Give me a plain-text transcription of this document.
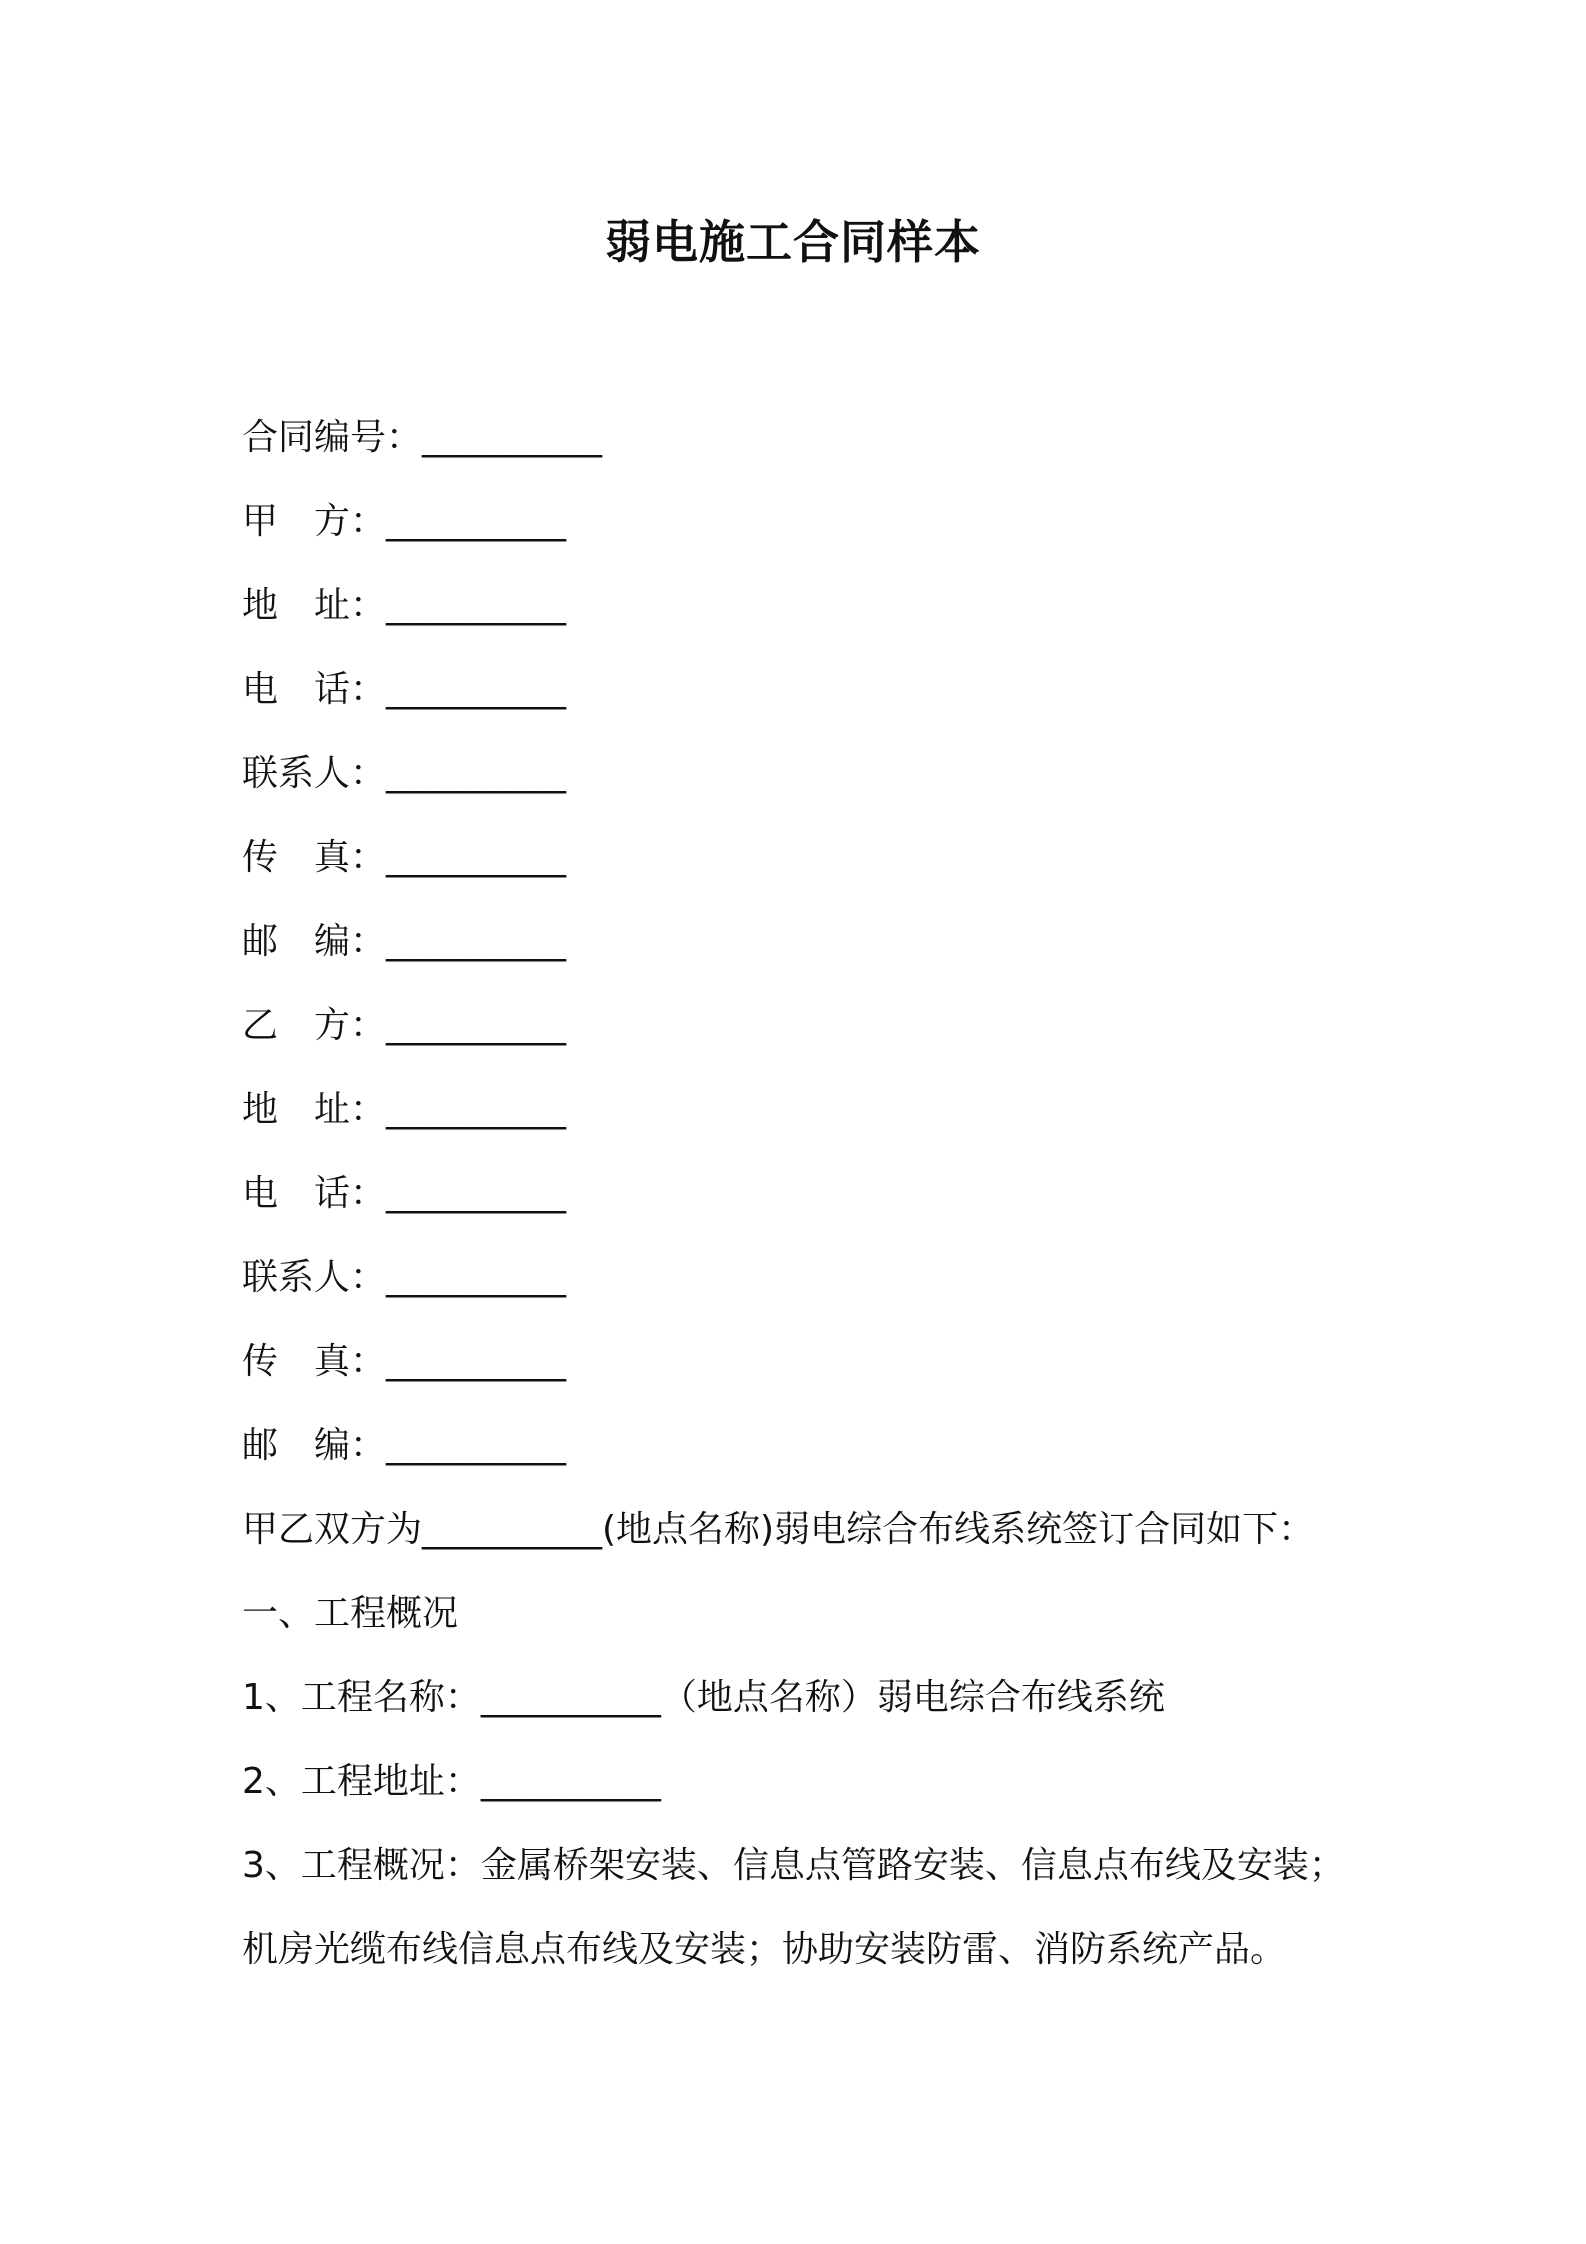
弱电施工合同样本
合同编号：__________
甲　方：__________
地　址：__________
电　话：__________
联系人：__________
传　真：__________
邮　编：__________
乙　方：__________
地　址：__________
电　话：__________
联系人：__________
传　真：__________
邮　编：__________
甲乙双方为__________(地点名称)弱电综合布线系统签订合同如下：
一、工程概况
1、工程名称：__________（地点名称）弱电综合布线系统
2、工程地址：__________
3、工程概况：金属桥架安装、信息点管路安装、信息点布线及安装；
机房光缆布线信息点布线及安装；协助安装防雷、消防系统产品。
